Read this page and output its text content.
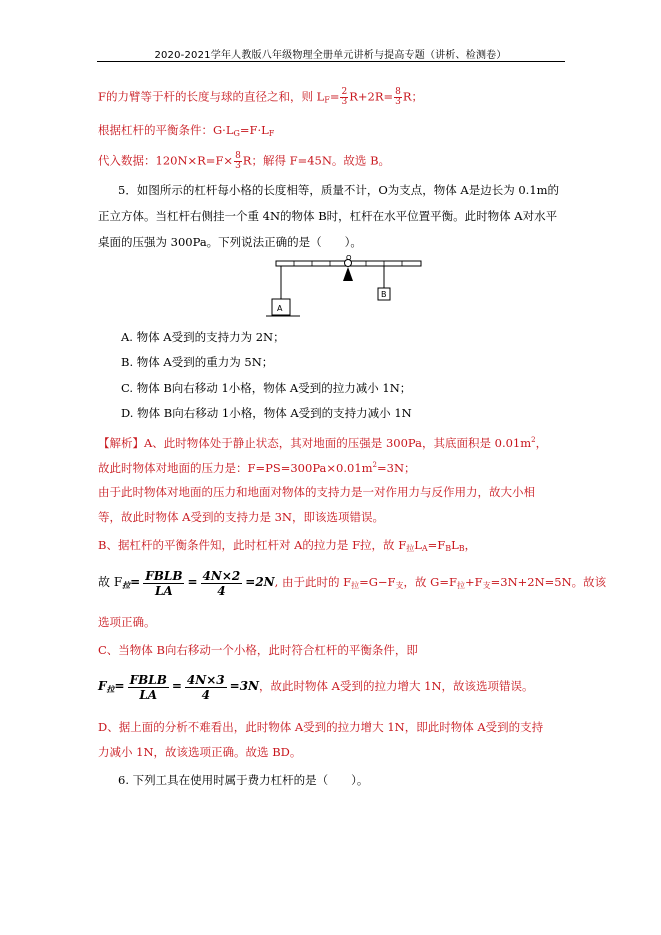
2020-2021学年人教版八年级物理全册单元讲析与提高专题（讲析、检测卷）
F的力臂等于杆的长度与球的直径之和，则 $L_F= \frac{2}{3} R+2R= \frac{8}{3}$ R；
根据杠杆的平衡条件：$G\cdot L_G=F\cdot L_F$
代入数据：$120N\times R=F\times \frac{8}{3}$ R；解得 F=45N。故选 B。
5．如图所示的杠杆每小格的长度相等，质量不计，O为支点，物体 A是边长为 0.1m的
正立方体。当杠杆右侧挂一个重 4N的物体 B时，杠杆在水平位置平衡。此时物体 A对水平
桌面的压强为 300Pa。下列说法正确的是（　　）。
O
A
B
A. 物体 A受到的支持力为 2N；
B. 物体 A受到的重力为 5N；
C. 物体 B向右移动 1小格，物体 A受到的拉力减小 1N；
D. 物体 B向右移动 1小格，物体 A受到的支持力减小 1N
【解析】A、此时物体处于静止状态，其对地面的压强是 300Pa，其底面积是 $0.01m^2$，
故此时物体对地面的压力是：$F=PS=300Pa\times 0.01m^2=3N$；
由于此时物体对地面的压力和地面对物体的支持力是一对作用力与反作用力，故大小相
等，故此时物体 A受到的支持力是 3N，即该选项错误。
B、据杠杆的平衡条件知，此时杠杆对 A的拉力是 F拉，故 $F_拉L_A=F_BL_B$，
故 $F_拉=$ FBLB
LA
= $\frac{4N\times 2}{4} =2N$, 由于此时的 $F_拉=G-F_支$，故 $G=F_拉+F_支=3N+2N=5N$。故该
选项正确。
C、当物体 B向右移动一个小格，此时符合杠杆的平衡条件，即
$F_拉=$ FBLB
LA
= $\frac{4N\times 3}{4} =3N$，故此时物体 A受到的拉力增大 1N，故该选项错误。
D、据上面的分析不难看出，此时物体 A受到的拉力增大 1N，即此时物体 A受到的支持
力减小 1N，故该选项正确。故选 BD。
6. 下列工具在使用时属于费力杠杆的是（　　）。
